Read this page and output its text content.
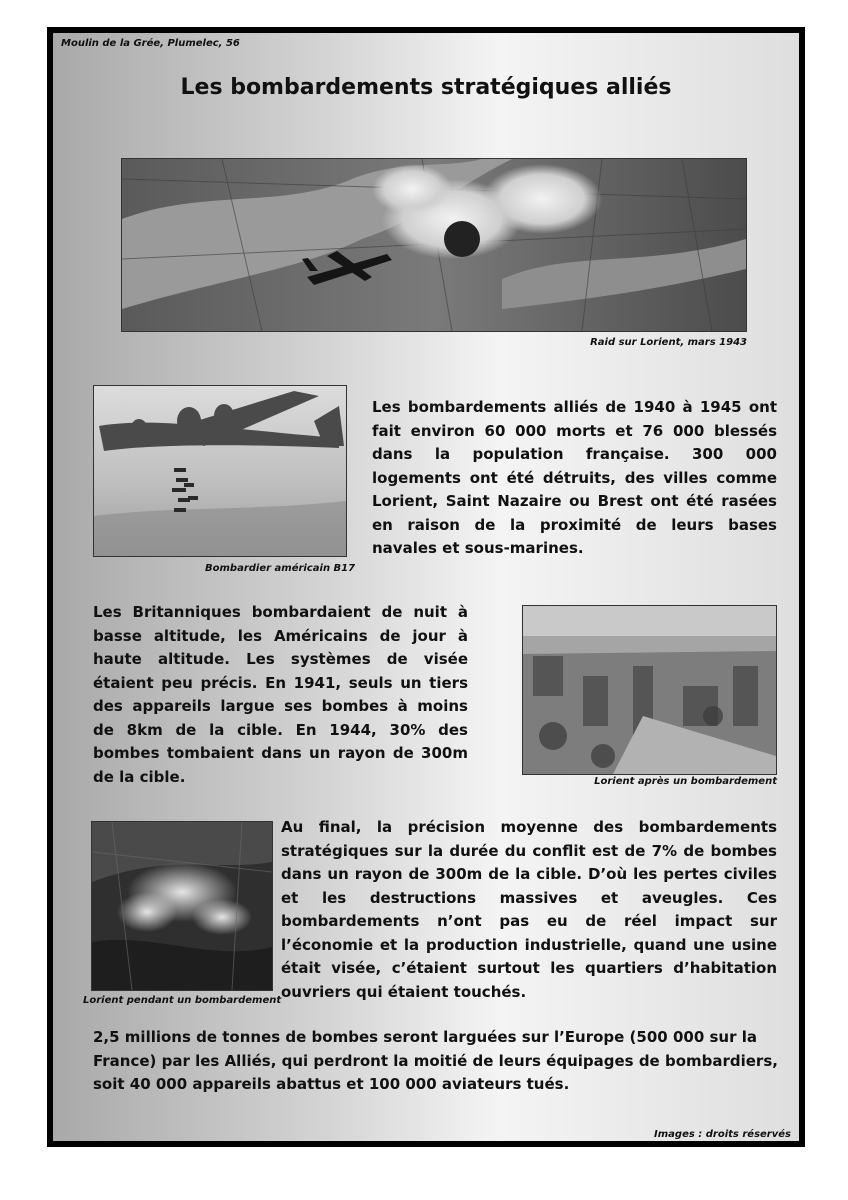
Moulin de la Grée, Plumelec, 56
Les bombardements stratégiques alliés
Raid sur Lorient, mars 1943
Bombardier américain B17
Les bombardements alliés de 1940 à 1945 ont fait environ 60 000 morts et 76 000 blessés dans la population française. 300 000 logements ont été détruits, des villes comme Lorient, Saint Nazaire ou Brest ont été rasées en raison de la proximité de leurs bases navales et sous-marines.
Les Britanniques bombardaient de nuit à basse altitude, les Américains de jour à haute altitude. Les systèmes de visée étaient peu précis. En 1941, seuls un tiers des appareils largue ses bombes à moins de 8km de la cible. En 1944, 30% des bombes tombaient dans un rayon de 300m de la cible.	Lorient après un bombardement
Lorient pendant un bombardement
Au final, la précision moyenne des bombardements stratégiques sur la durée du conflit est de 7% de bombes dans un rayon de 300m de la cible. D’où les pertes civiles et les destructions massives et aveugles. Ces bombardements n’ont pas eu de réel impact sur l’économie et la production industrielle, quand une usine était visée, c’étaient surtout les quartiers d’habitation ouvriers qui étaient touchés.
2,5 millions de tonnes de bombes seront larguées sur l’Europe (500 000 sur la France) par les Alliés, qui perdront la moitié de leurs équipages de bombardiers, soit 40 000 appareils abattus et 100 000 aviateurs tués.
Images : droits réservés
